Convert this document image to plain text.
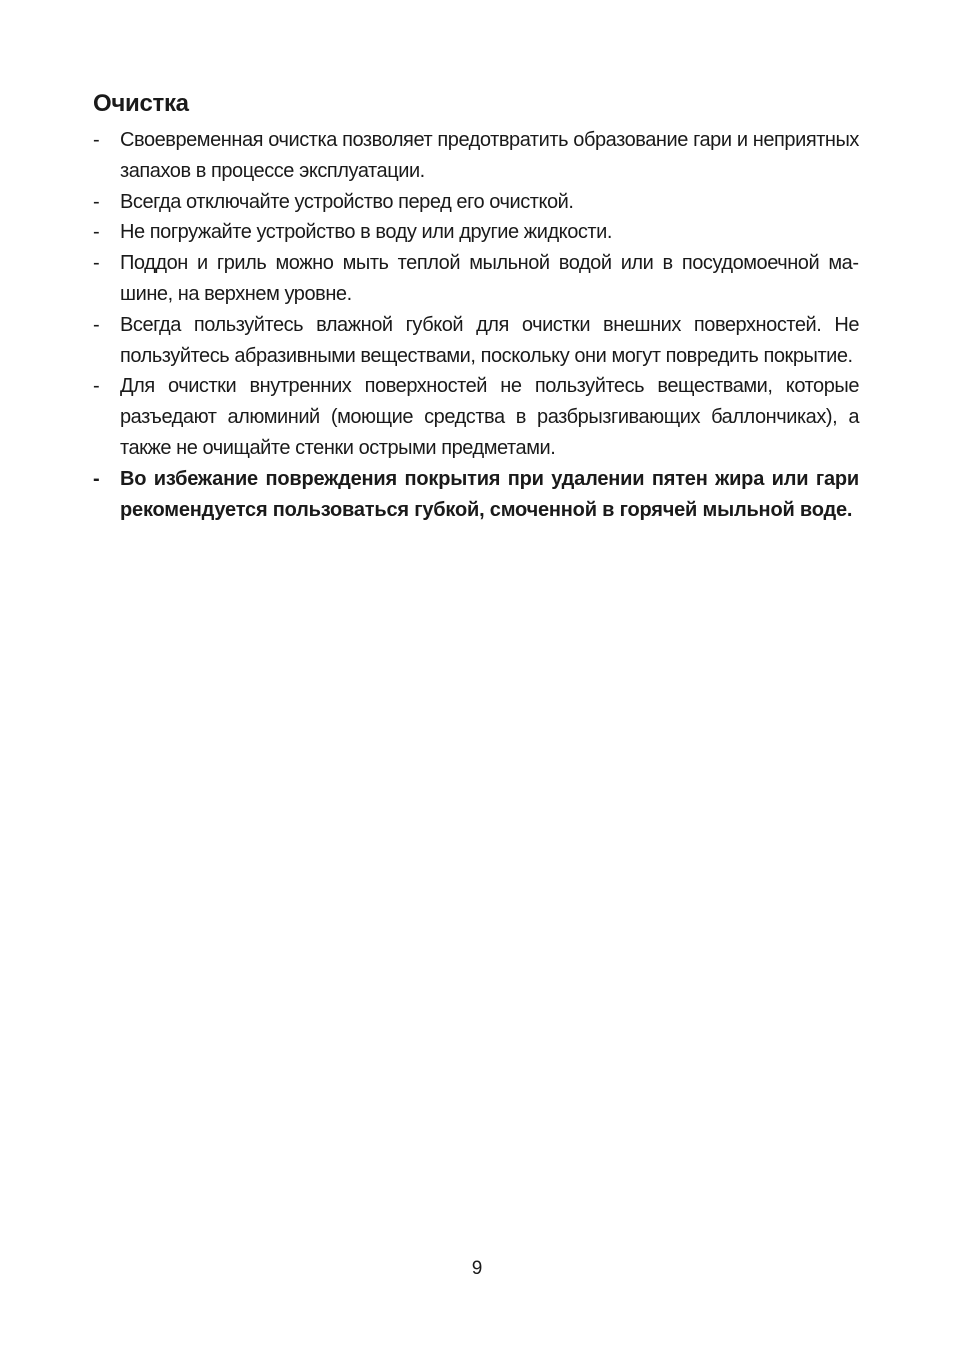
Очистка
-	Своевременная очистка позволяет предотвратить образование гари и неприятных запахов в процессе эксплуатации.
-	Всегда отключайте устройство перед его очисткой.
-	Не погружайте устройство в воду или другие жидкости.
-	Поддон и гриль можно мыть теплой мыльной водой или в посудомоечной машине, на верхнем уровне.
-	Всегда пользуйтесь влажной губкой для очистки внешних поверхностей. Не пользуйтесь абразивными веществами, поскольку они могут повредить покрытие.
-	Для очистки внутренних поверхностей не пользуйтесь веществами, которые разъедают алюминий (моющие средства в разбрызгивающих баллончиках), а также не очищайте стенки острыми предметами.
-	Во избежание повреждения покрытия при удалении пятен жира или гари рекомендуется пользоваться губкой, смоченной в горячей мыльной воде.
9
